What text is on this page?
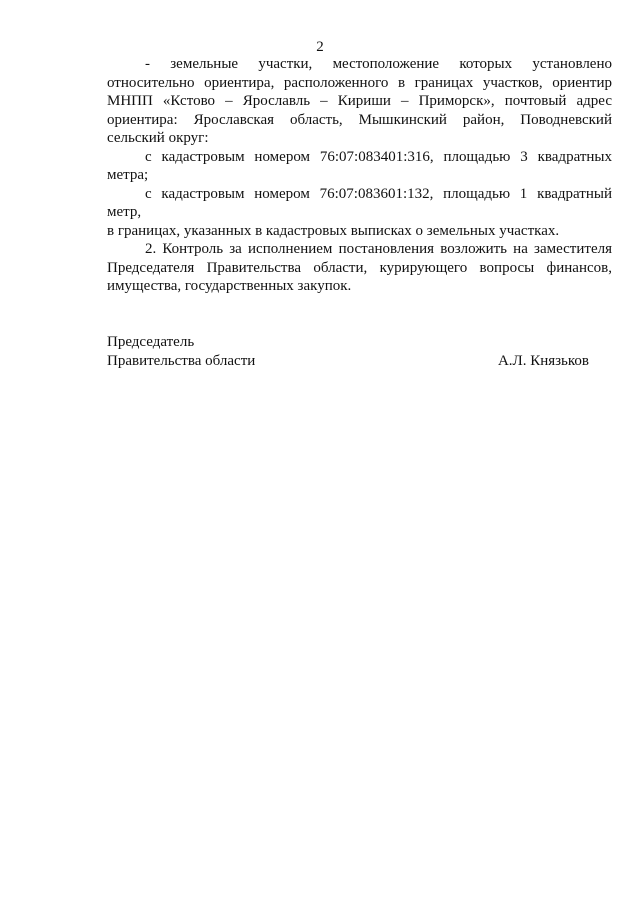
2

- земельные участки, местоположение которых установлено относительно ориентира, расположенного в границах участков, ориентир МНПП «Кстово – Ярославль – Кириши – Приморск», почтовый адрес ориентира: Ярославская область, Мышкинский район, Поводневский сельский округ:

с кадастровым номером 76:07:083401:316, площадью 3 квадратных метра;

с кадастровым номером 76:07:083601:132, площадью 1 квадратный метр,

в границах, указанных в кадастровых выписках о земельных участках.

2. Контроль за исполнением постановления возложить на заместителя Председателя Правительства области, курирующего вопросы финансов, имущества, государственных закупок.

Председатель
Правительства области	А.Л. Князьков
